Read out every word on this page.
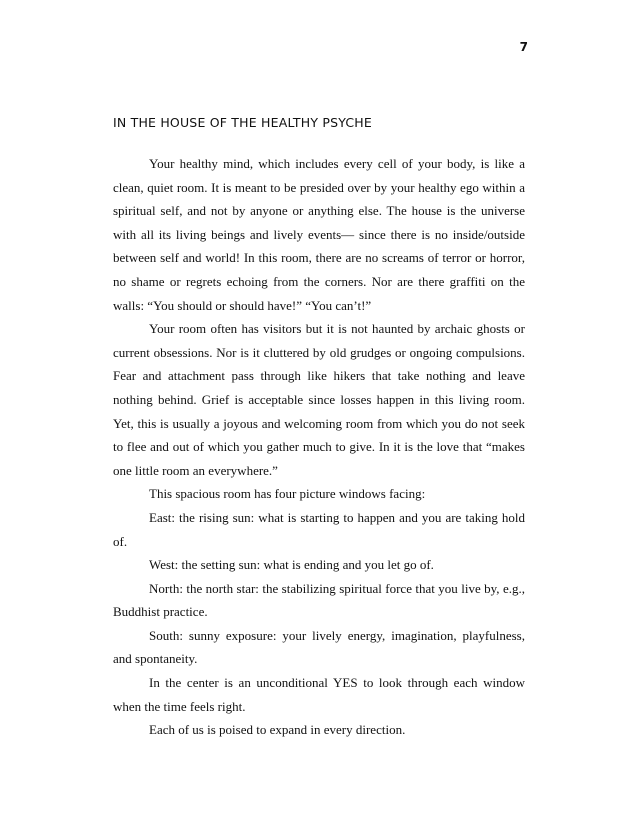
7
IN THE HOUSE OF THE HEALTHY PSYCHE

Your healthy mind, which includes every cell of your body, is like a clean, quiet room. It is meant to be presided over by your healthy ego within a spiritual self, and not by anyone or anything else. The house is the universe with all its living beings and lively events— since there is no inside/outside between self and world! In this room, there are no screams of terror or horror, no shame or regrets echoing from the corners. Nor are there graffiti on the walls: “You should or should have!” “You can’t!”

Your room often has visitors but it is not haunted by archaic ghosts or current obsessions. Nor is it cluttered by old grudges or ongoing compulsions. Fear and attachment pass through like hikers that take nothing and leave nothing behind. Grief is acceptable since losses happen in this living room. Yet, this is usually a joyous and welcoming room from which you do not seek to flee and out of which you gather much to give. In it is the love that “makes one little room an everywhere.”

This spacious room has four picture windows facing:

East: the rising sun: what is starting to happen and you are taking hold of.

West: the setting sun: what is ending and you let go of.

North: the north star: the stabilizing spiritual force that you live by, e.g., Buddhist practice.

South: sunny exposure: your lively energy, imagination, playfulness, and spontaneity.

In the center is an unconditional YES to look through each window when the time feels right.

Each of us is poised to expand in every direction.
